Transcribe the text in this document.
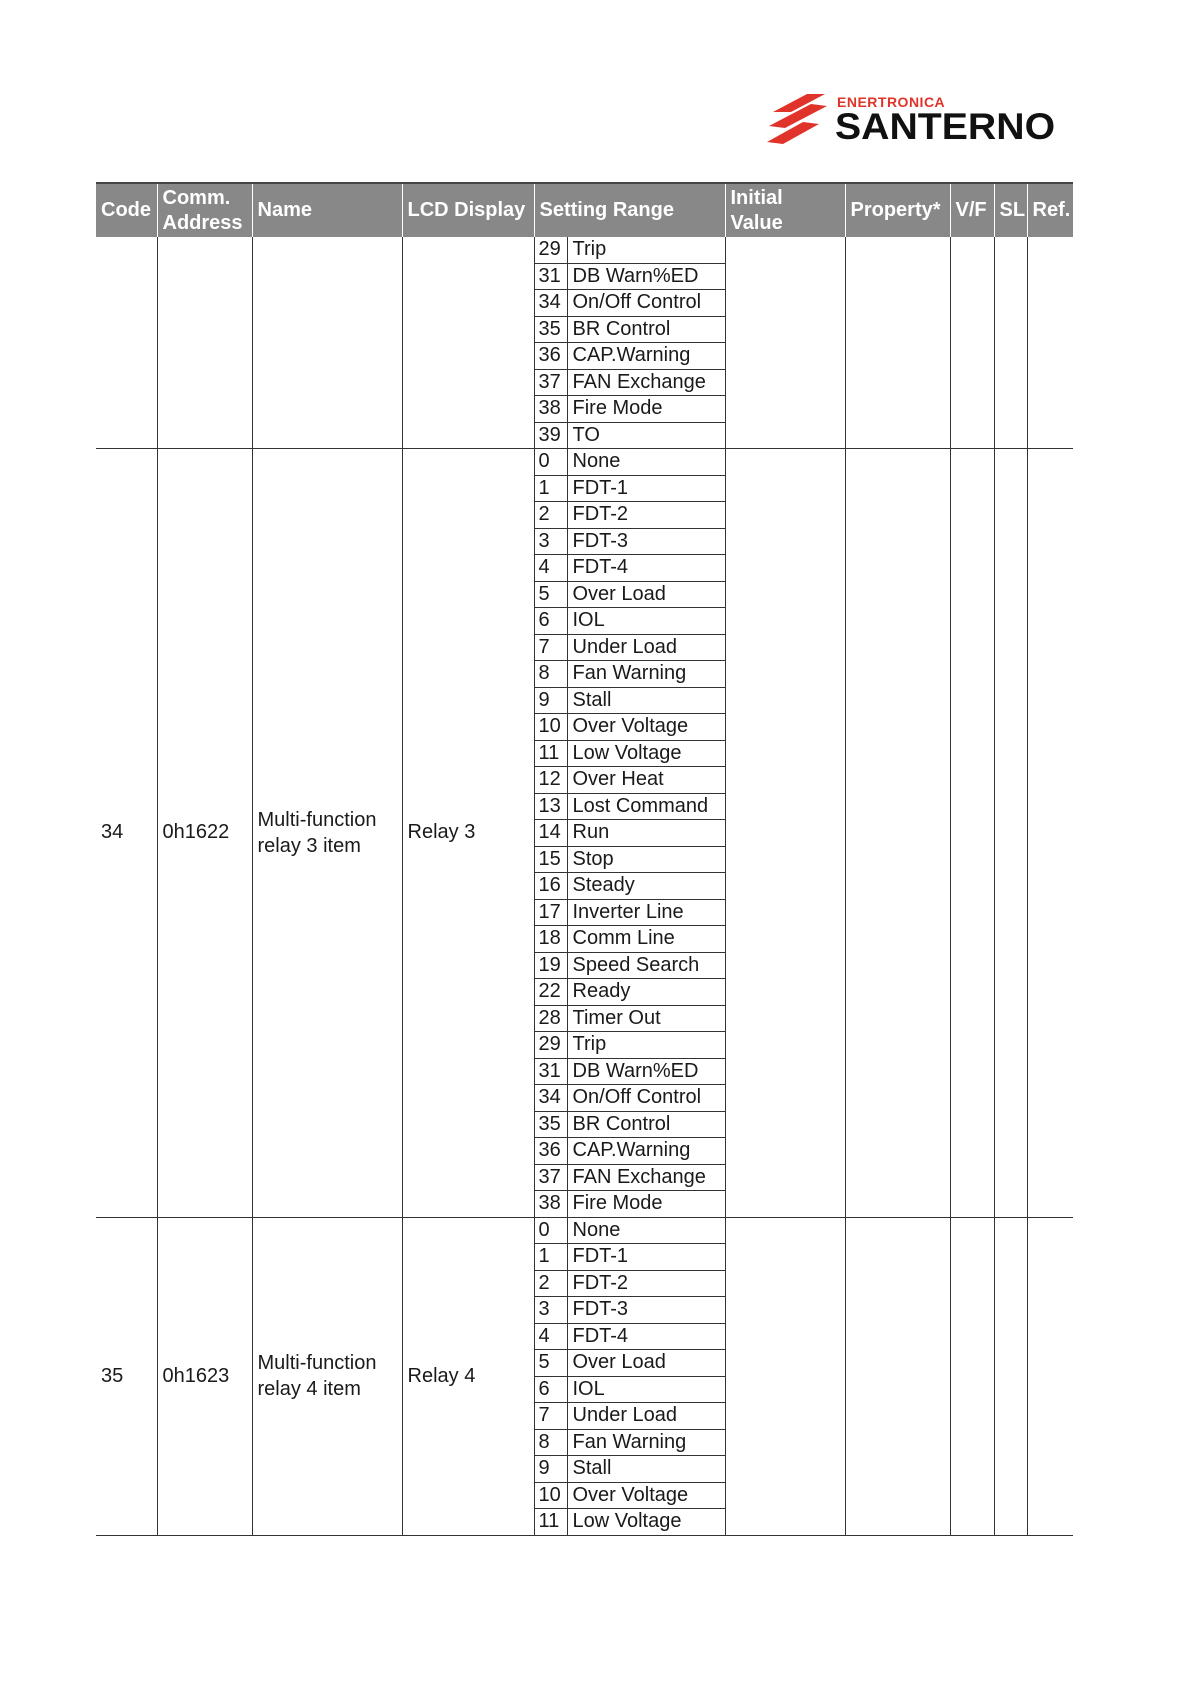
ENERTRONICA
SANTERNO
Code	Comm.
Address	Name	LCD Display	Setting Range	Initial
Value	Property*	V/F	SL	Ref.

29	Trip
31	DB Warn%ED
34	On/Off Control
35	BR Control
36	CAP.Warning
37	FAN Exchange
38	Fire Mode
39	TO

34	0h1622	Multi-function
relay 3 item	Relay 3	
0	None
1	FDT-1
2	FDT-2
3	FDT-3
4	FDT-4
5	Over Load
6	IOL
7	Under Load
8	Fan Warning
9	Stall
10	Over Voltage
11	Low Voltage
12	Over Heat
13	Lost Command
14	Run
15	Stop
16	Steady
17	Inverter Line
18	Comm Line
19	Speed Search
22	Ready
28	Timer Out
29	Trip
31	DB Warn%ED
34	On/Off Control
35	BR Control
36	CAP.Warning
37	FAN Exchange
38	Fire Mode

35	0h1623	Multi-function
relay 4 item	Relay 4	
0	None
1	FDT-1
2	FDT-2
3	FDT-3
4	FDT-4
5	Over Load
6	IOL
7	Under Load
8	Fan Warning
9	Stall
10	Over Voltage
11	Low Voltage
